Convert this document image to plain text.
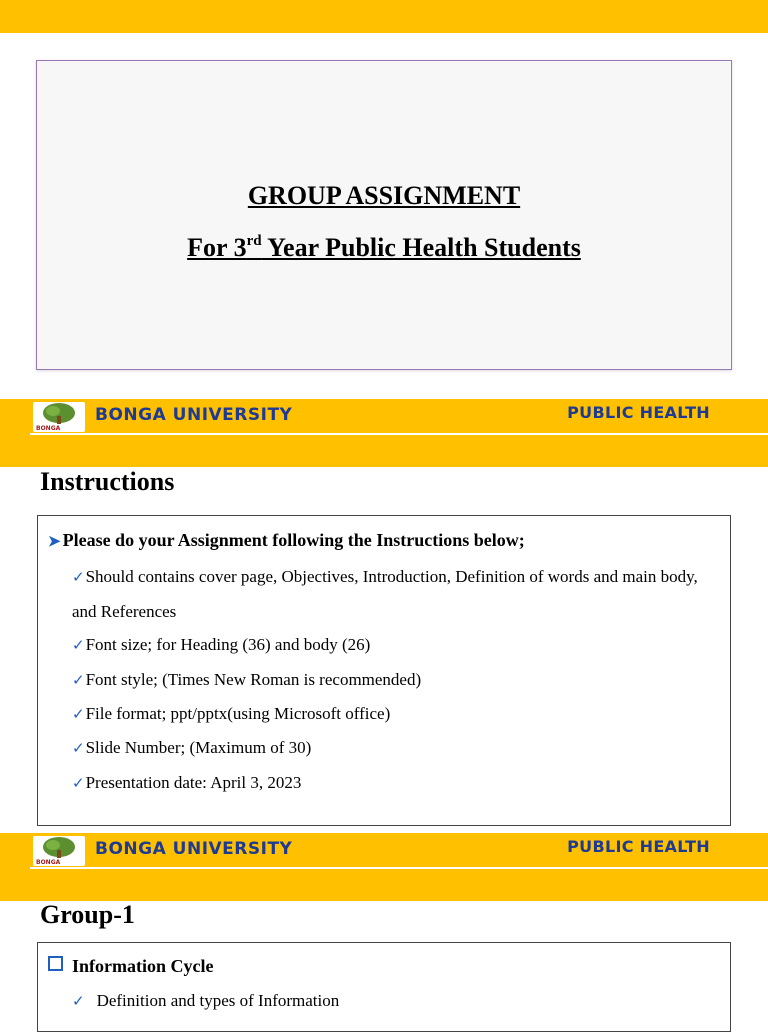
GROUP ASSIGNMENT
For 3rd Year Public Health Students
BONGA
BONGA UNIVERSITY	PUBLIC HEALTH
Instructions
➤ Please do your Assignment following the Instructions below;
✓Should contains cover page, Objectives, Introduction, Definition of words and main body, and References
✓Font size; for Heading (36) and body (26)
✓Font style; (Times New Roman is recommended)
✓File format; ppt/pptx(using Microsoft office)
✓Slide Number; (Maximum of 30)
✓Presentation date: April 3, 2023
BONGA
BONGA UNIVERSITY	PUBLIC HEALTH
Group-1
Information Cycle
✓ Definition and types of Information
